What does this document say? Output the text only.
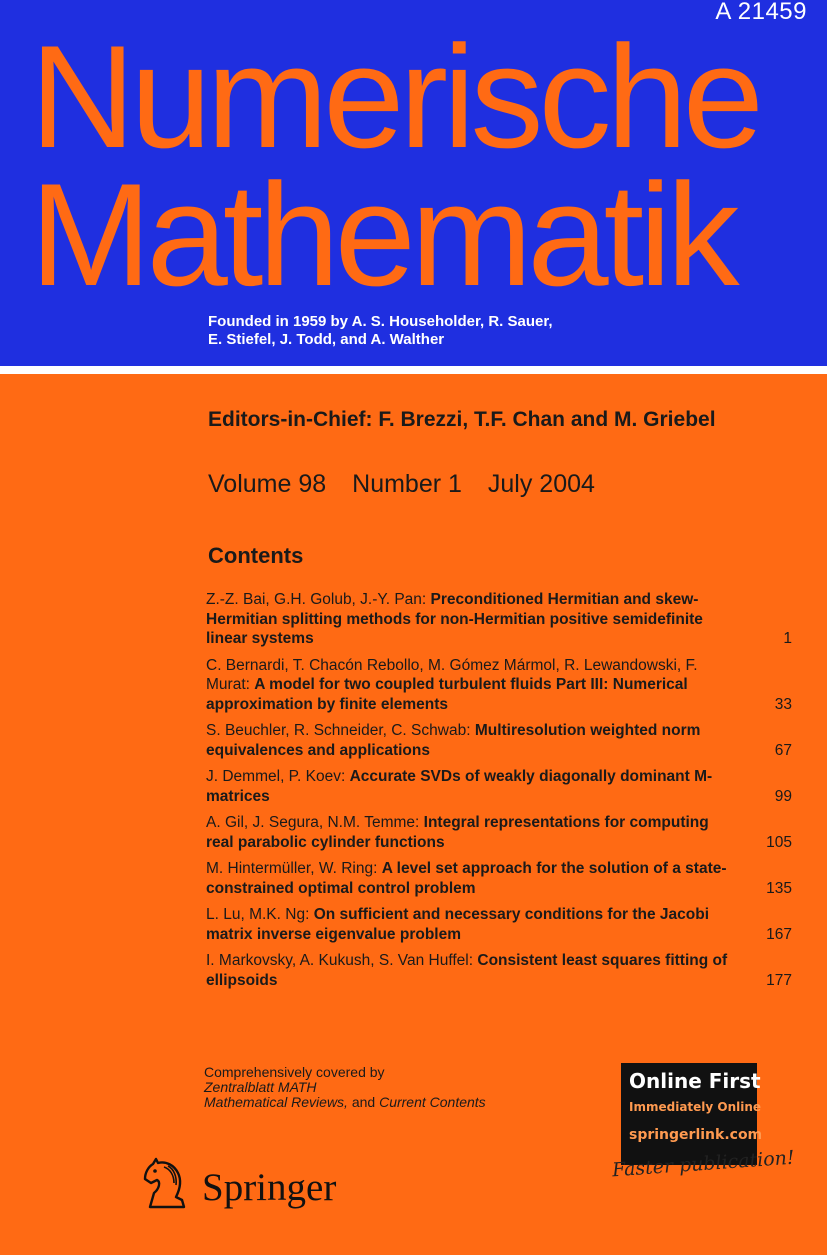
A 21459
Numerische
Mathematik
Founded in 1959 by A. S. Householder, R. Sauer,
E. Stiefel, J. Todd, and A. Walther
Editors-in-Chief: F. Brezzi, T.F. Chan and M. Griebel
Volume 98 Number 1 July 2004
Contents
Z.-Z. Bai, G.H. Golub, J.-Y. Pan: Preconditioned Hermitian and skew-Hermitian splitting methods for non-Hermitian positive semidefinite linear systems	1
C. Bernardi, T. Chacón Rebollo, M. Gómez Mármol, R. Lewandowski, F. Murat: A model for two coupled turbulent fluids Part III: Numerical approximation by finite elements	33
S. Beuchler, R. Schneider, C. Schwab: Multiresolution weighted norm equivalences and applications	67
J. Demmel, P. Koev: Accurate SVDs of weakly diagonally dominant M-matrices	99
A. Gil, J. Segura, N.M. Temme: Integral representations for computing real parabolic cylinder functions	105
M. Hintermüller, W. Ring: A level set approach for the solution of a state-constrained optimal control problem	135
L. Lu, M.K. Ng: On sufficient and necessary conditions for the Jacobi matrix inverse eigenvalue problem	167
I. Markovsky, A. Kukush, S. Van Huffel: Consistent least squares fitting of ellipsoids	177
Comprehensively covered by
Zentralblatt MATH
Mathematical Reviews, and Current Contents
Online First
Immediately Online
springerlink.com
Faster publication!
Springer
